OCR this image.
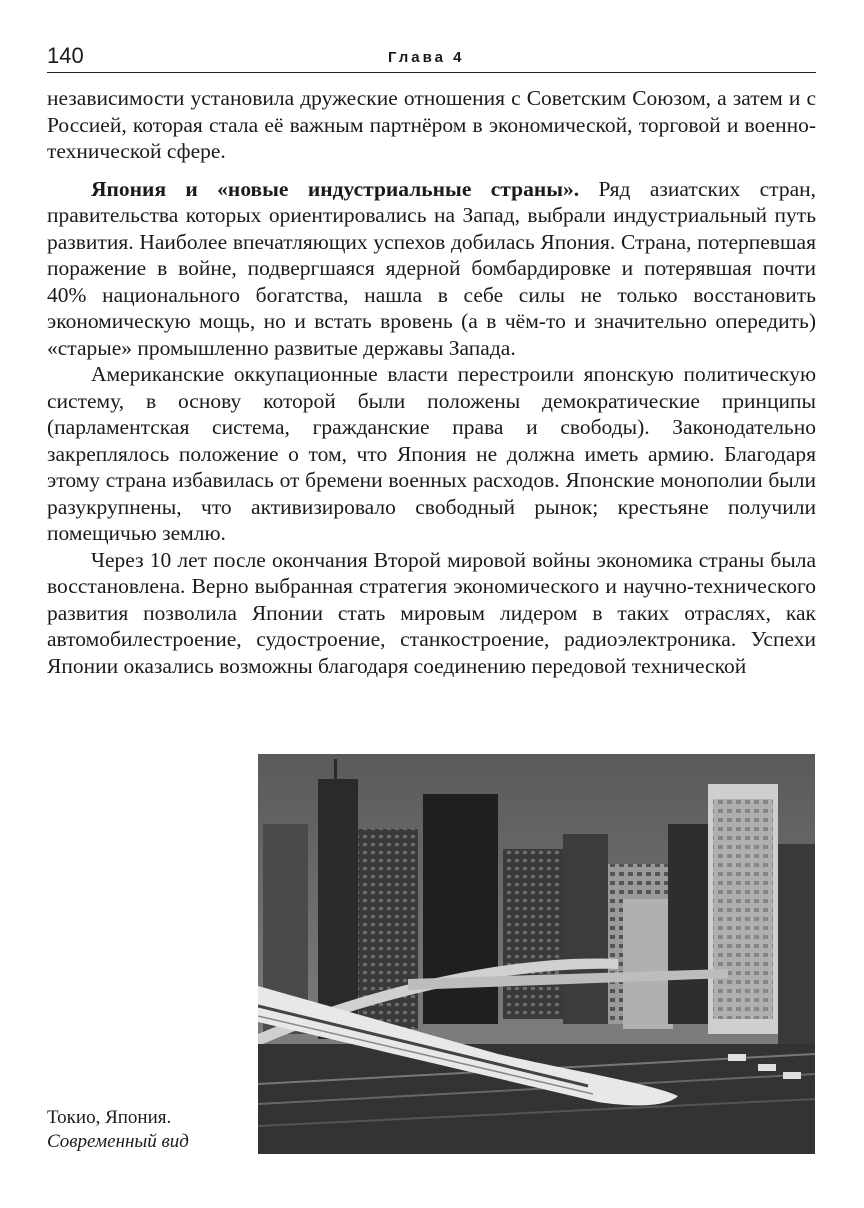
140	Глава 4

независимости установила дружеские отношения с Советским Союзом, а затем и с Россией, которая стала её важным партнёром в экономической, торговой и военно-технической сфере.

Япония и «новые индустриальные страны». Ряд азиатских стран, правительства которых ориентировались на Запад, выбрали индустриальный путь развития. Наиболее впечатляющих успехов добилась Япония. Страна, потерпевшая поражение в войне, подвергшаяся ядерной бомбардировке и потерявшая почти 40% национального богатства, нашла в себе силы не только восстановить экономическую мощь, но и встать вровень (а в чём-то и значительно опередить) «старые» промышленно развитые державы Запада.

Американские оккупационные власти перестроили японскую политическую систему, в основу которой были положены демократические принципы (парламентская система, гражданские права и свободы). Законодательно закреплялось положение о том, что Япония не должна иметь армию. Благодаря этому страна избавилась от бремени военных расходов. Японские монополии были разукрупнены, что активизировало свободный рынок; крестьяне получили помещичью землю.

Через 10 лет после окончания Второй мировой войны экономика страны была восстановлена. Верно выбранная стратегия экономического и научно-технического развития позволила Японии стать мировым лидером в таких отраслях, как автомобилестроение, судостроение, станкостроение, радиоэлектроника. Успехи Японии оказались возможны благодаря соединению передовой технической

Токио, Япония.
Современный вид
